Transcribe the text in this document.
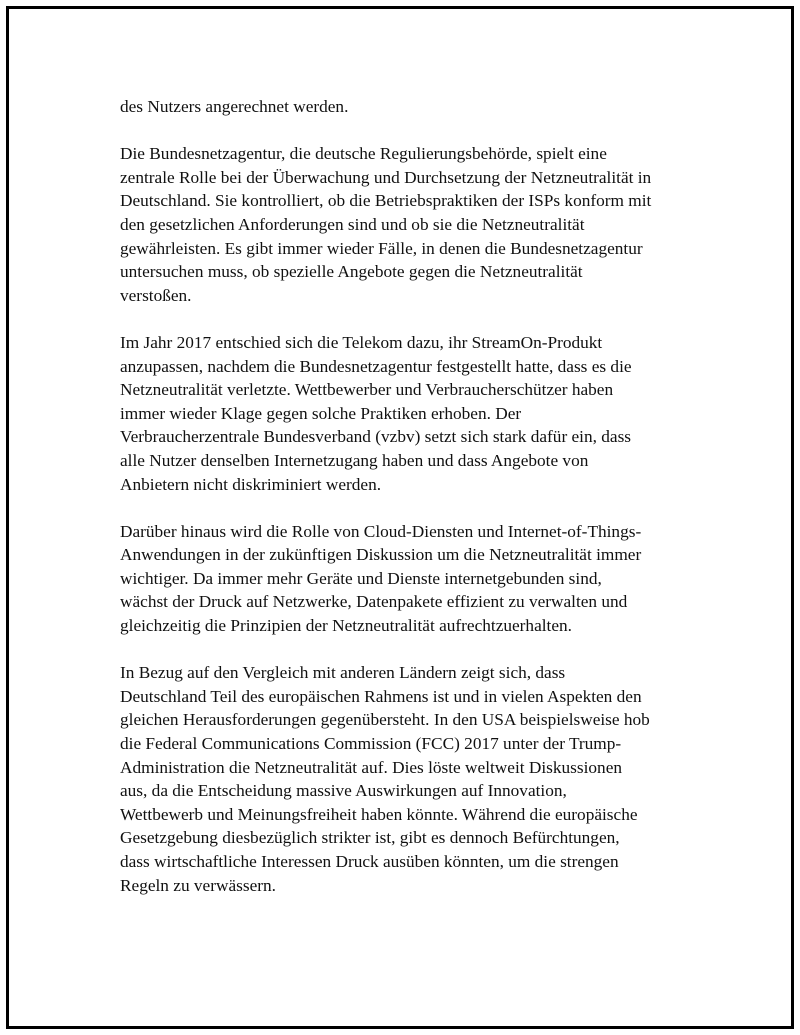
des Nutzers angerechnet werden.

Die Bundesnetzagentur, die deutsche Regulierungsbehörde, spielt eine
zentrale Rolle bei der Überwachung und Durchsetzung der Netzneutralität in
Deutschland. Sie kontrolliert, ob die Betriebspraktiken der ISPs konform mit
den gesetzlichen Anforderungen sind und ob sie die Netzneutralität
gewährleisten. Es gibt immer wieder Fälle, in denen die Bundesnetzagentur
untersuchen muss, ob spezielle Angebote gegen die Netzneutralität
verstoßen.

Im Jahr 2017 entschied sich die Telekom dazu, ihr StreamOn-Produkt
anzupassen, nachdem die Bundesnetzagentur festgestellt hatte, dass es die
Netzneutralität verletzte. Wettbewerber und Verbraucherschützer haben
immer wieder Klage gegen solche Praktiken erhoben. Der
Verbraucherzentrale Bundesverband (vzbv) setzt sich stark dafür ein, dass
alle Nutzer denselben Internetzugang haben und dass Angebote von
Anbietern nicht diskriminiert werden.

Darüber hinaus wird die Rolle von Cloud-Diensten und Internet-of-Things-
Anwendungen in der zukünftigen Diskussion um die Netzneutralität immer
wichtiger. Da immer mehr Geräte und Dienste internetgebunden sind,
wächst der Druck auf Netzwerke, Datenpakete effizient zu verwalten und
gleichzeitig die Prinzipien der Netzneutralität aufrechtzuerhalten.

In Bezug auf den Vergleich mit anderen Ländern zeigt sich, dass
Deutschland Teil des europäischen Rahmens ist und in vielen Aspekten den
gleichen Herausforderungen gegenübersteht. In den USA beispielsweise hob
die Federal Communications Commission (FCC) 2017 unter der Trump-
Administration die Netzneutralität auf. Dies löste weltweit Diskussionen
aus, da die Entscheidung massive Auswirkungen auf Innovation,
Wettbewerb und Meinungsfreiheit haben könnte. Während die europäische
Gesetzgebung diesbezüglich strikter ist, gibt es dennoch Befürchtungen,
dass wirtschaftliche Interessen Druck ausüben könnten, um die strengen
Regeln zu verwässern.
